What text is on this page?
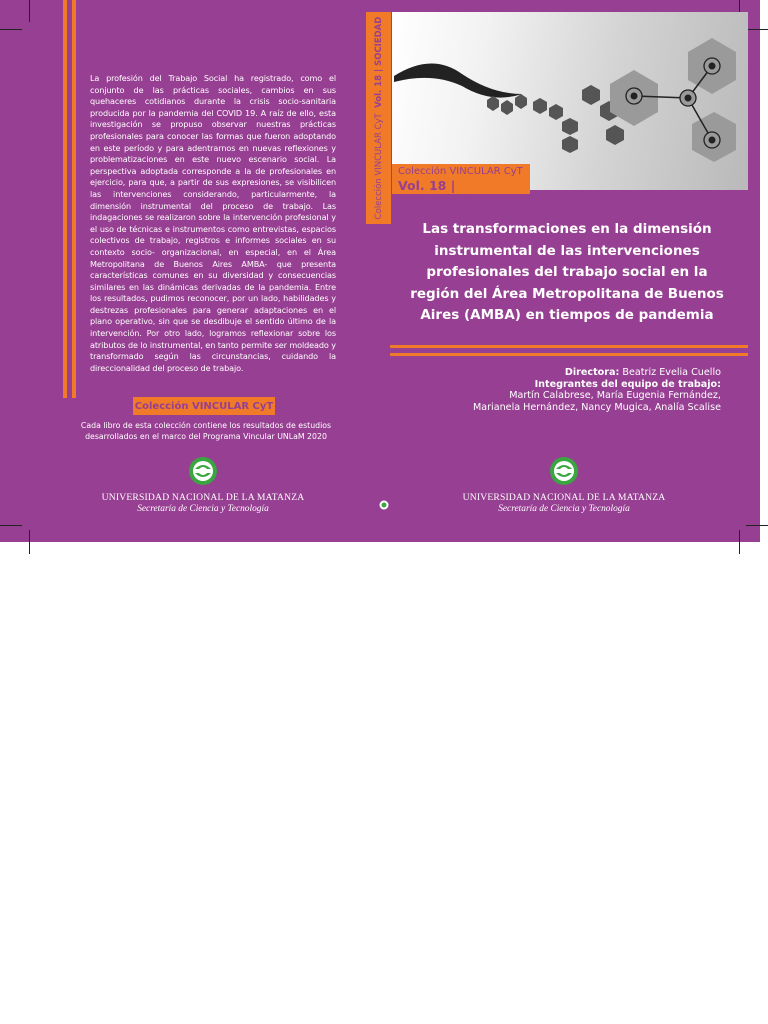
La profesión del Trabajo Social ha registrado, como el conjunto de las prácticas sociales, cambios en sus quehaceres cotidianos durante la crisis socio-sanitaria producida por la pandemia del COVID 19. A raíz de ello, esta investigación se propuso observar nuestras prácticas profesionales para conocer las formas que fueron adoptando en este período y para adentrarnos en nuevas reflexiones y problematizaciones en este nuevo escenario social. La perspectiva adoptada corresponde a la de profesionales en ejercicio, para que, a partir de sus expresiones, se visibilicen las intervenciones considerando, particularmente, la dimensión instrumental del proceso de trabajo. Las indagaciones se realizaron sobre la intervención profesional y el uso de técnicas e instrumentos como entrevistas, espacios colectivos de trabajo, registros e informes sociales en su contexto socio- organizacional, en especial, en el Área Metropolitana de Buenos Aires AMBA- que presenta características comunes en su diversidad y consecuencias similares en las dinámicas derivadas de la pandemia. Entre los resultados, pudimos reconocer, por un lado, habilidades y destrezas profesionales para generar adaptaciones en el plano operativo, sin que se desdibuje el sentido último de la intervención. Por otro lado, logramos reflexionar sobre los atributos de lo instrumental, en tanto permite ser moldeado y transformado según las circunstancias, cuidando la direccionalidad del proceso de trabajo.
Colección VINCULAR CyT
Cada libro de esta colección contiene los resultados de estudios
desarrollados en el marco del Programa Vincular UNLaM 2020
UNIVERSIDAD NACIONAL DE LA MATANZA
Secretaría de Ciencia y Tecnología
Colección VINCULAR CyT  Vol. 18 | SOCIEDAD
Colección VINCULAR CyT
Vol. 18 | SOCIEDAD
Las transformaciones en la dimensión
instrumental de las intervenciones
profesionales del trabajo social en la
región del Área Metropolitana de Buenos
Aires (AMBA) en tiempos de pandemia
Directora: Beatriz Evelia Cuello
Integrantes del equipo de trabajo:
Martín Calabrese, María Eugenia Fernández,
Marianela Hernández, Nancy Mugica, Analía Scalise
UNIVERSIDAD NACIONAL DE LA MATANZA
Secretaría de Ciencia y Tecnología
